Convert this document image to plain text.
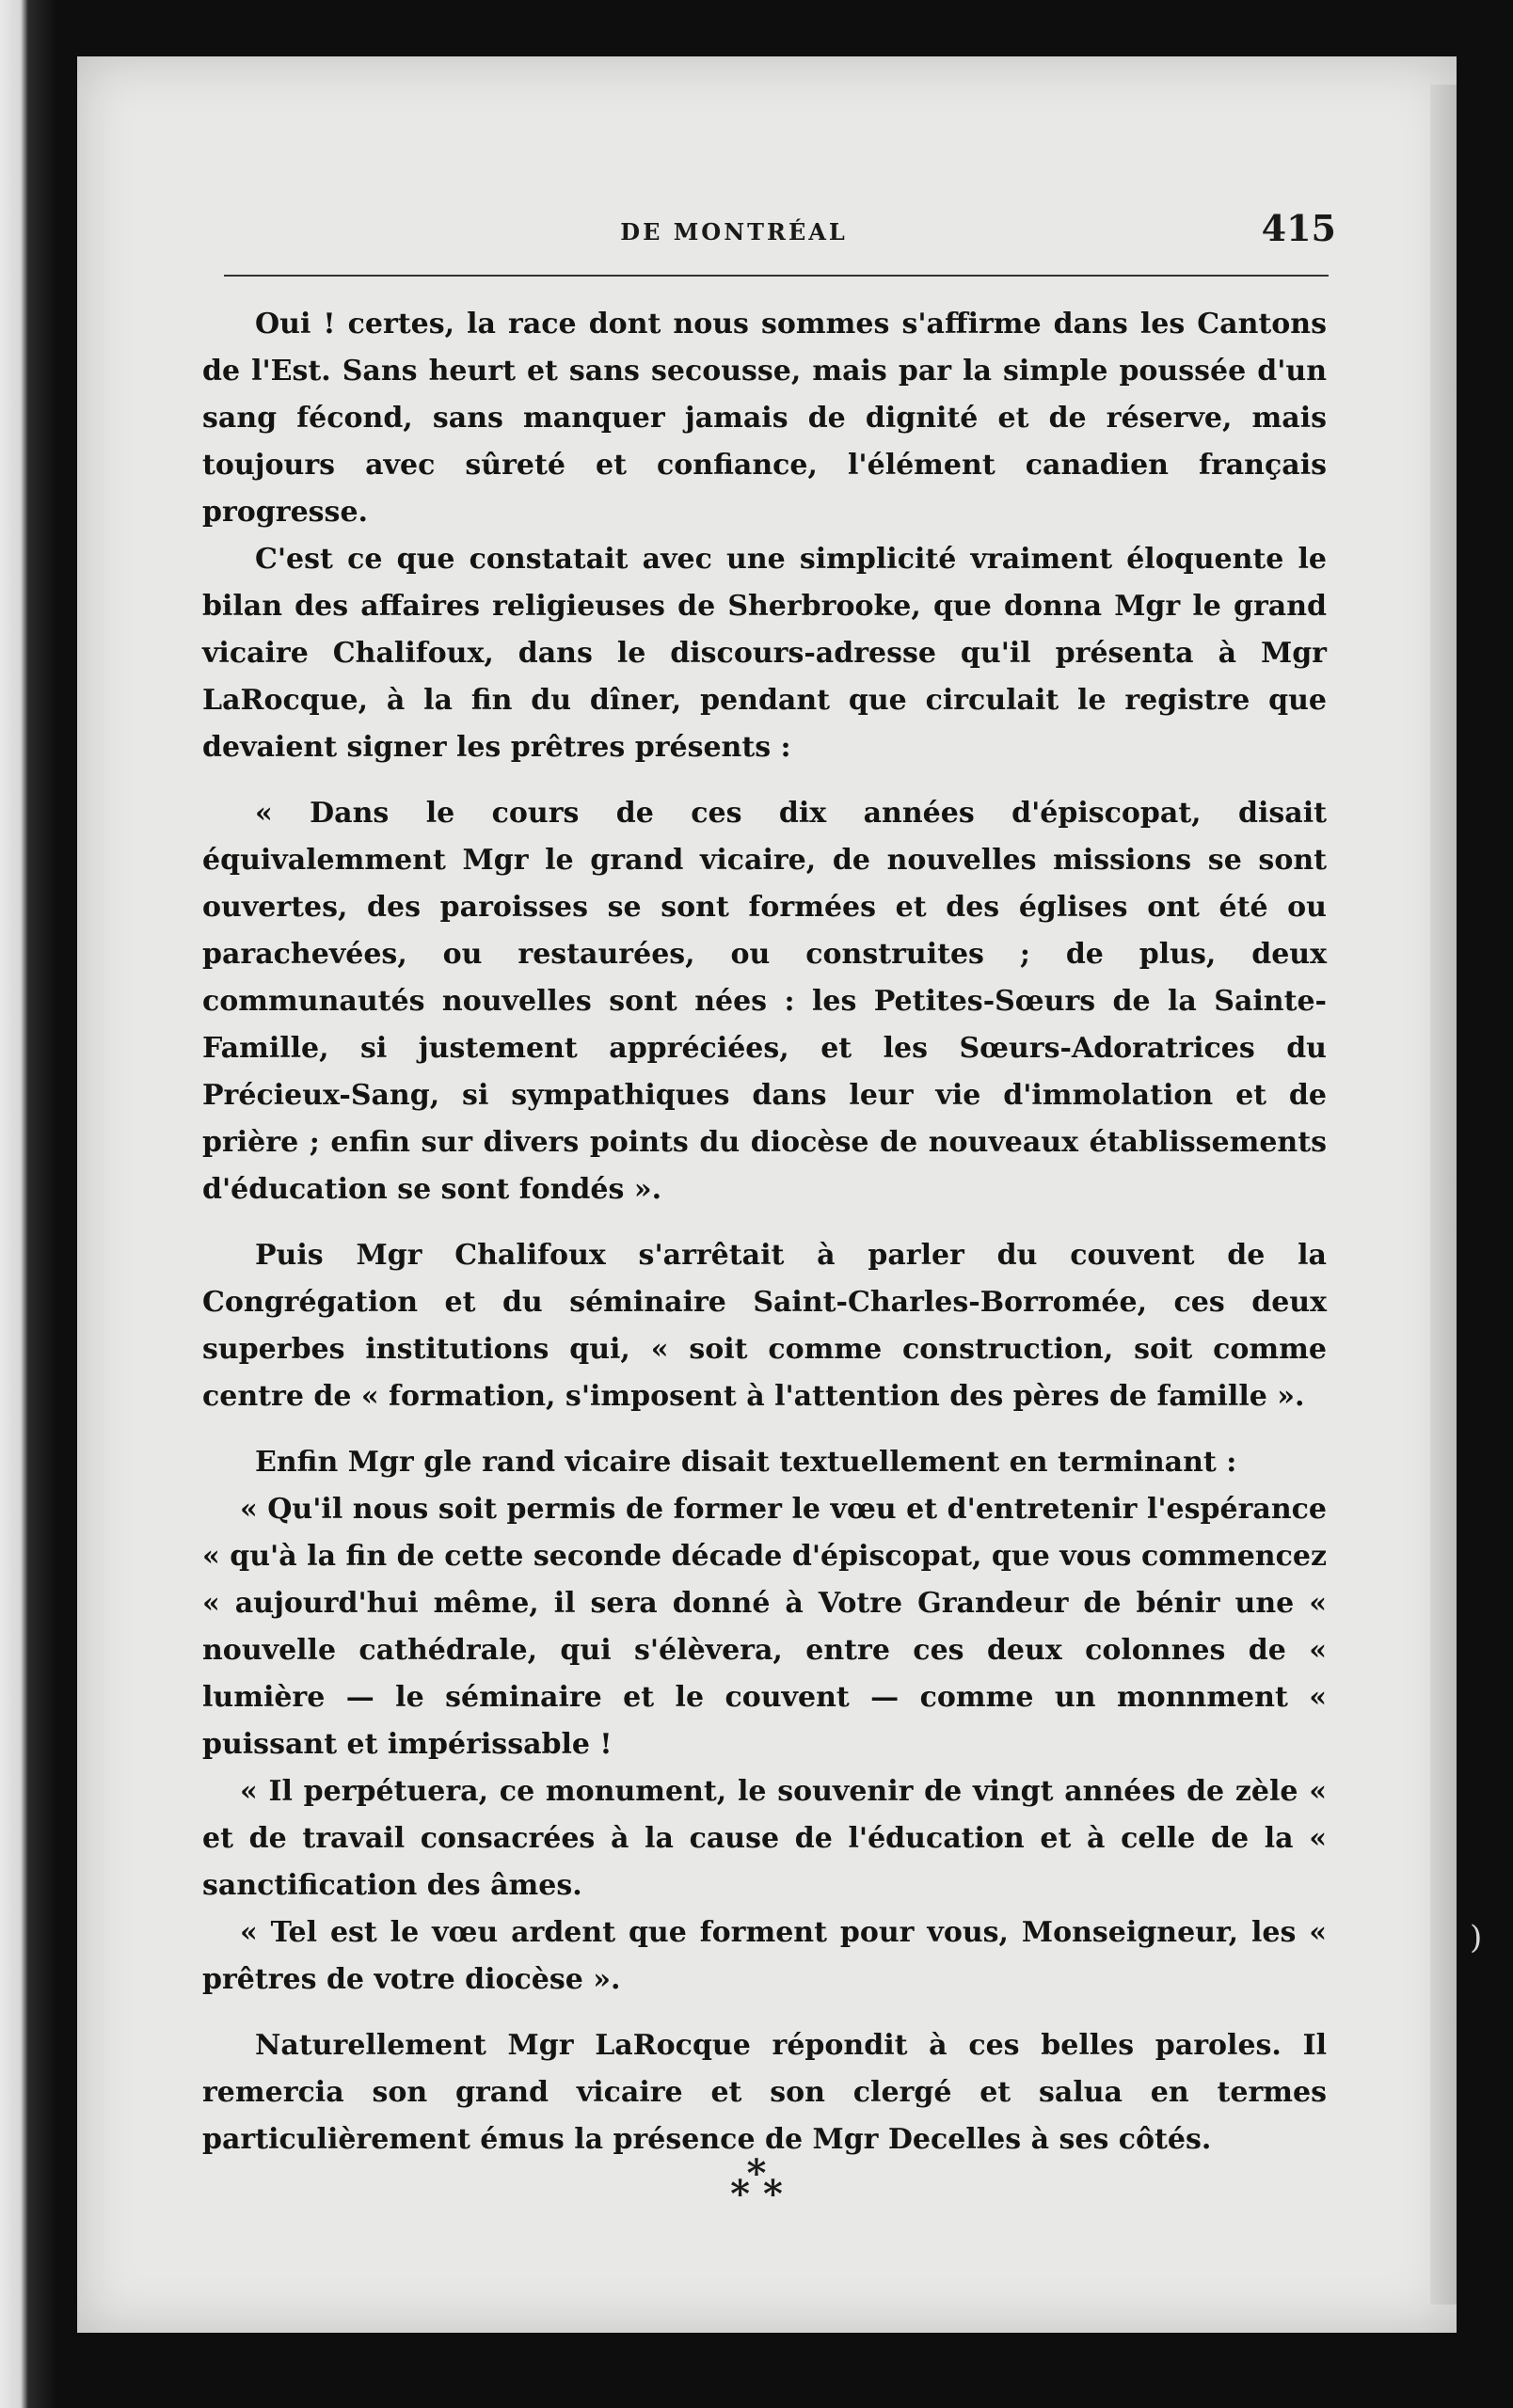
DE MONTRÉAL	415

Oui ! certes, la race dont nous sommes s'affirme dans les Cantons de l'Est. Sans heurt et sans secousse, mais par la simple poussée d'un sang fécond, sans manquer jamais de dignité et de réserve, mais toujours avec sûreté et confiance, l'élément canadien français progresse.

C'est ce que constatait avec une simplicité vraiment éloquente le bilan des affaires religieuses de Sherbrooke, que donna Mgr le grand vicaire Chalifoux, dans le discours-adresse qu'il présenta à Mgr LaRocque, à la fin du dîner, pendant que circulait le registre que devaient signer les prêtres présents :

« Dans le cours de ces dix années d'épiscopat, disait équivalemment Mgr le grand vicaire, de nouvelles missions se sont ouvertes, des paroisses se sont formées et des églises ont été ou parachevées, ou restaurées, ou construites ; de plus, deux communautés nouvelles sont nées : les Petites-Sœurs de la Sainte-Famille, si justement appréciées, et les Sœurs-Adoratrices du Précieux-Sang, si sympathiques dans leur vie d'immolation et de prière ; enfin sur divers points du diocèse de nouveaux établissements d'éducation se sont fondés ».

Puis Mgr Chalifoux s'arrêtait à parler du couvent de la Congrégation et du séminaire Saint-Charles-Borromée, ces deux superbes institutions qui, « soit comme construction, soit comme centre de « formation, s'imposent à l'attention des pères de famille ».

Enfin Mgr gle rand vicaire disait textuellement en terminant :

« Qu'il nous soit permis de former le vœu et d'entretenir l'espérance « qu'à la fin de cette seconde décade d'épiscopat, que vous commencez « aujourd'hui même, il sera donné à Votre Grandeur de bénir une « nouvelle cathédrale, qui s'élèvera, entre ces deux colonnes de « lumière — le séminaire et le couvent — comme un monnment « puissant et impérissable !

« Il perpétuera, ce monument, le souvenir de vingt années de zèle « et de travail consacrées à la cause de l'éducation et à celle de la « sanctification des âmes.

« Tel est le vœu ardent que forment pour vous, Monseigneur, les « prêtres de votre diocèse ».

Naturellement Mgr LaRocque répondit à ces belles paroles. Il remercia son grand vicaire et son clergé et salua en termes particulièrement émus la présence de Mgr Decelles à ses côtés.

*
* *
)
